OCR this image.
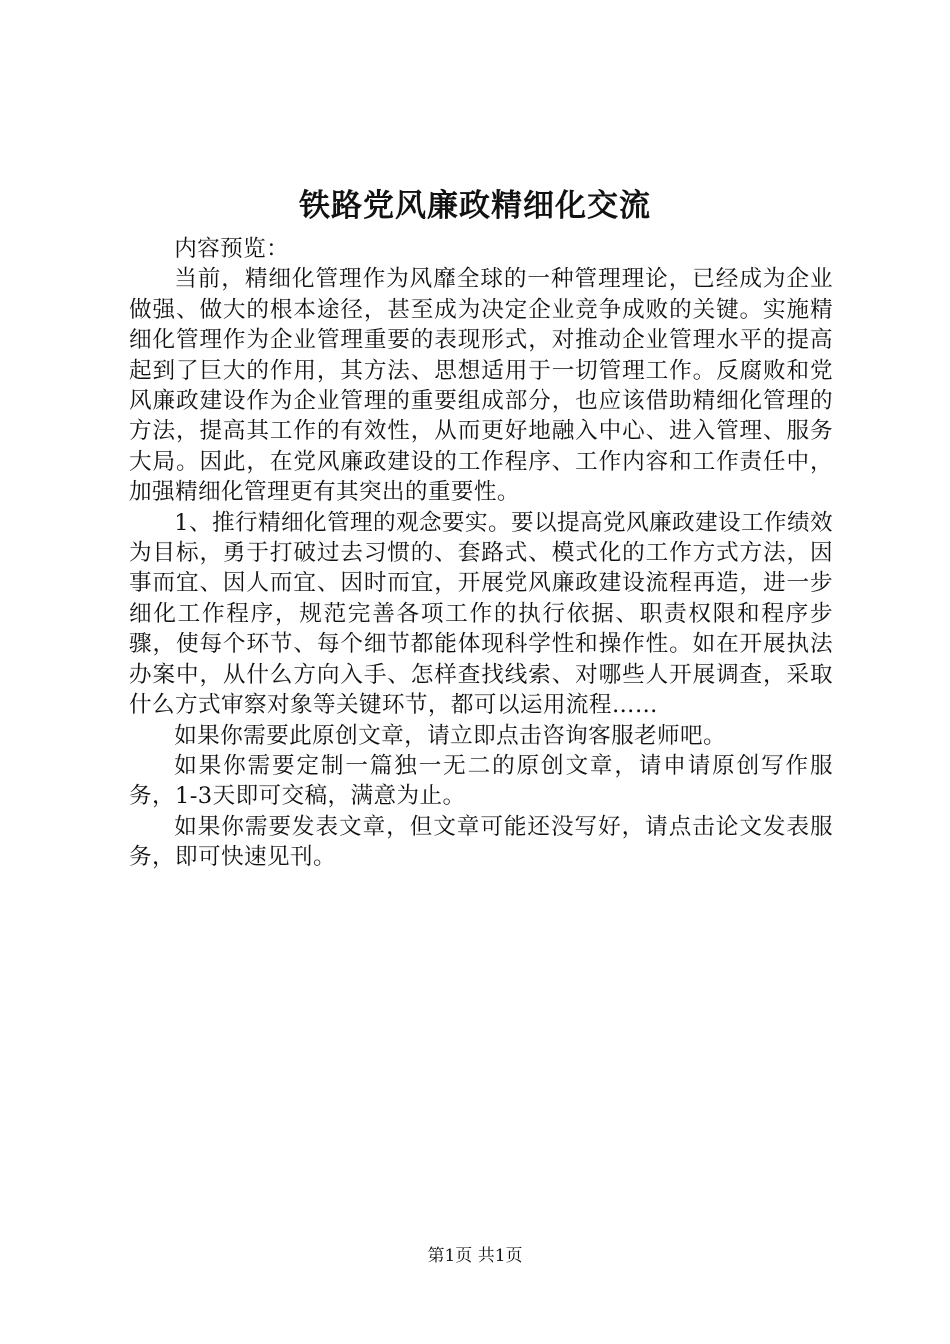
铁路党风廉政精细化交流

内容预览：

当前，精细化管理作为风靡全球的一种管理理论，已经成为企业做强、做大的根本途径，甚至成为决定企业竞争成败的关键。实施精细化管理作为企业管理重要的表现形式，对推动企业管理水平的提高起到了巨大的作用，其方法、思想适用于一切管理工作。反腐败和党风廉政建设作为企业管理的重要组成部分，也应该借助精细化管理的方法，提高其工作的有效性，从而更好地融入中心、进入管理、服务大局。因此，在党风廉政建设的工作程序、工作内容和工作责任中，加强精细化管理更有其突出的重要性。

1、推行精细化管理的观念要实。要以提高党风廉政建设工作绩效为目标，勇于打破过去习惯的、套路式、模式化的工作方式方法，因事而宜、因人而宜、因时而宜，开展党风廉政建设流程再造，进一步细化工作程序，规范完善各项工作的执行依据、职责权限和程序步骤，使每个环节、每个细节都能体现科学性和操作性。如在开展执法办案中，从什么方向入手、怎样查找线索、对哪些人开展调查，采取什么方式审察对象等关键环节，都可以运用流程……

如果你需要此原创文章，请立即点击咨询客服老师吧。

如果你需要定制一篇独一无二的原创文章，请申请原创写作服务，1-3天即可交稿，满意为止。

如果你需要发表文章，但文章可能还没写好，请点击论文发表服务，即可快速见刊。

第1页 共1页
